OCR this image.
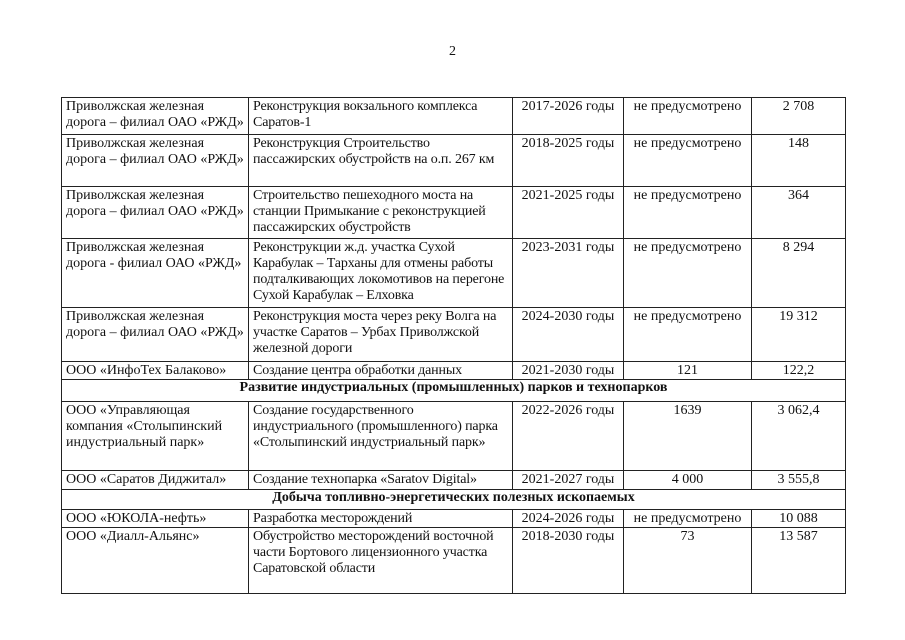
2
Приволжская железная дорога – филиал ОАО «РЖД»	Реконструкция вокзального комплекса Саратов-1	2017-2026 годы	не предусмотрено	2 708
Приволжская железная дорога – филиал ОАО «РЖД»	Реконструкция Строительство пассажирских обустройств на о.п. 267 км	2018-2025 годы	не предусмотрено	148
Приволжская железная дорога – филиал ОАО «РЖД»	Строительство пешеходного моста на станции Примыкание с реконструкцией пассажирских обустройств	2021-2025 годы	не предусмотрено	364
Приволжская железная дорога - филиал ОАО «РЖД»	Реконструкции ж.д. участка Сухой Карабулак – Тарханы для отмены работы подталкивающих локомотивов на перегоне Сухой Карабулак – Елховка	2023-2031 годы	не предусмотрено	8 294
Приволжская железная дорога – филиал ОАО «РЖД»	Реконструкция моста через реку Волга на участке Саратов – Урбах Приволжской железной дороги	2024-2030 годы	не предусмотрено	19 312
ООО «ИнфоТех Балаково»	Создание центра обработки данных	2021-2030 годы	121	122,2
Развитие индустриальных (промышленных) парков и технопарков				
ООО «Управляющая компания «Столыпинский индустриальный парк»	Создание государственного индустриального (промышленного) парка «Столыпинский индустриальный парк»	2022-2026 годы	1639	3 062,4
ООО «Саратов Диджитал»	Создание технопарка «Saratov Digital»	2021-2027 годы	4 000	3 555,8
Добыча топливно-энергетических полезных ископаемых				
ООО «ЮКОЛА-нефть»	Разработка месторождений	2024-2026 годы	не предусмотрено	10 088
ООО «Диалл-Альянс»	Обустройство месторождений восточной части Бортового лицензионного участка Саратовской области	2018-2030 годы	73	13 587
